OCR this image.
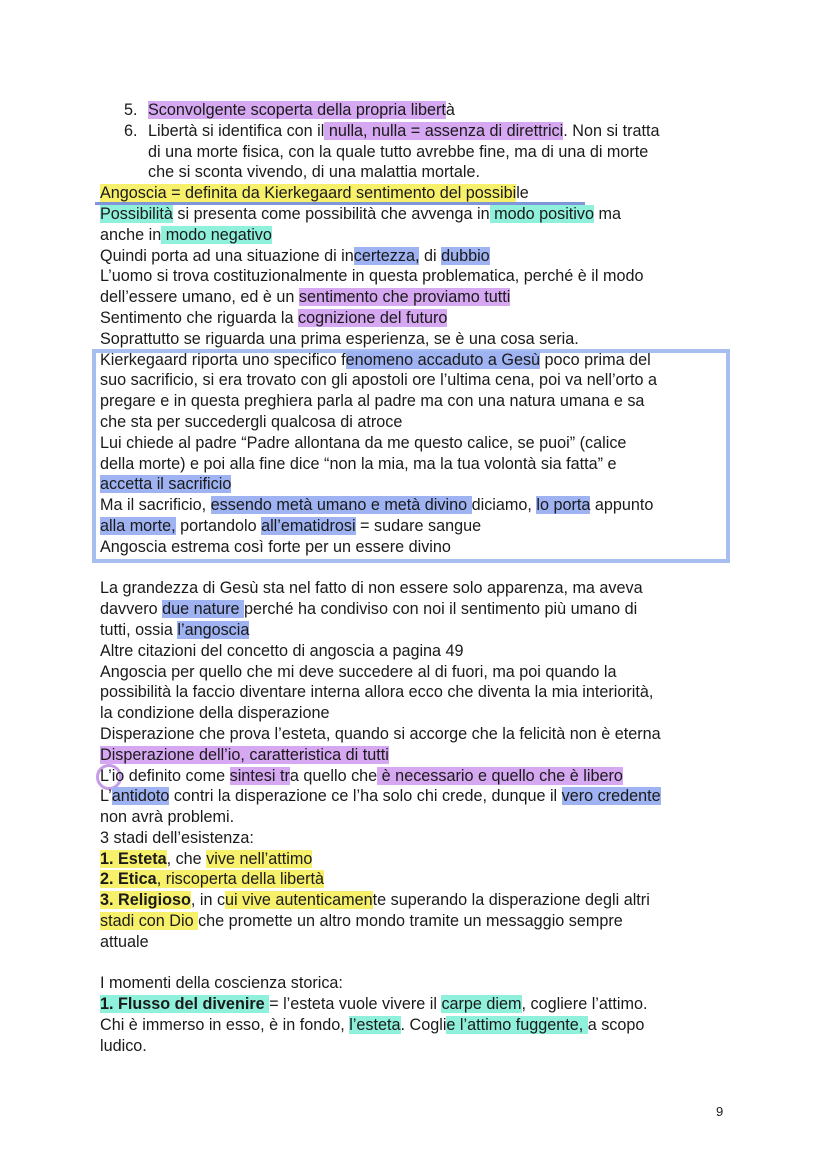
5. Sconvolgente scoperta della propria libertà
6. Libertà si identifica con il nulla, nulla = assenza di direttrici. Non si tratta
di una morte fisica, con la quale tutto avrebbe fine, ma di una di morte
che si sconta vivendo, di una malattia mortale.
Angoscia = definita da Kierkegaard sentimento del possibile
Possibilità si presenta come possibilità che avvenga in modo positivo ma
anche in modo negativo
Quindi porta ad una situazione di incertezza, di dubbio
L’uomo si trova costituzionalmente in questa problematica, perché è il modo
dell’essere umano, ed è un sentimento che proviamo tutti
Sentimento che riguarda la cognizione del futuro
Soprattutto se riguarda una prima esperienza, se è una cosa seria.
Kierkegaard riporta uno specifico fenomeno accaduto a Gesù poco prima del
suo sacrificio, si era trovato con gli apostoli ore l’ultima cena, poi va nell’orto a
pregare e in questa preghiera parla al padre ma con una natura umana e sa
che sta per succedergli qualcosa di atroce
Lui chiede al padre “Padre allontana da me questo calice, se puoi” (calice
della morte) e poi alla fine dice “non la mia, ma la tua volontà sia fatta” e
accetta il sacrificio
Ma il sacrificio, essendo metà umano e metà divino diciamo, lo porta appunto
alla morte, portandolo all’ematidrosi = sudare sangue
Angoscia estrema così forte per un essere divino
La grandezza di Gesù sta nel fatto di non essere solo apparenza, ma aveva
davvero due nature perché ha condiviso con noi il sentimento più umano di
tutti, ossia l’angoscia
Altre citazioni del concetto di angoscia a pagina 49
Angoscia per quello che mi deve succedere al di fuori, ma poi quando la
possibilità la faccio diventare interna allora ecco che diventa la mia interiorità,
la condizione della disperazione
Disperazione che prova l’esteta, quando si accorge che la felicità non è eterna
Disperazione dell’io, caratteristica di tutti
L’io definito come sintesi tra quello che è necessario e quello che è libero
L’antidoto contri la disperazione ce l’ha solo chi crede, dunque il vero credente
non avrà problemi.
3 stadi dell’esistenza:
1. Esteta, che vive nell’attimo
2. Etica, riscoperta della libertà
3. Religioso, in cui vive autenticamente superando la disperazione degli altri
stadi con Dio che promette un altro mondo tramite un messaggio sempre
attuale
I momenti della coscienza storica:
1. Flusso del divenire = l’esteta vuole vivere il carpe diem, cogliere l’attimo.
Chi è immerso in esso, è in fondo, l’esteta. Coglie l’attimo fuggente, a scopo
ludico.
9
